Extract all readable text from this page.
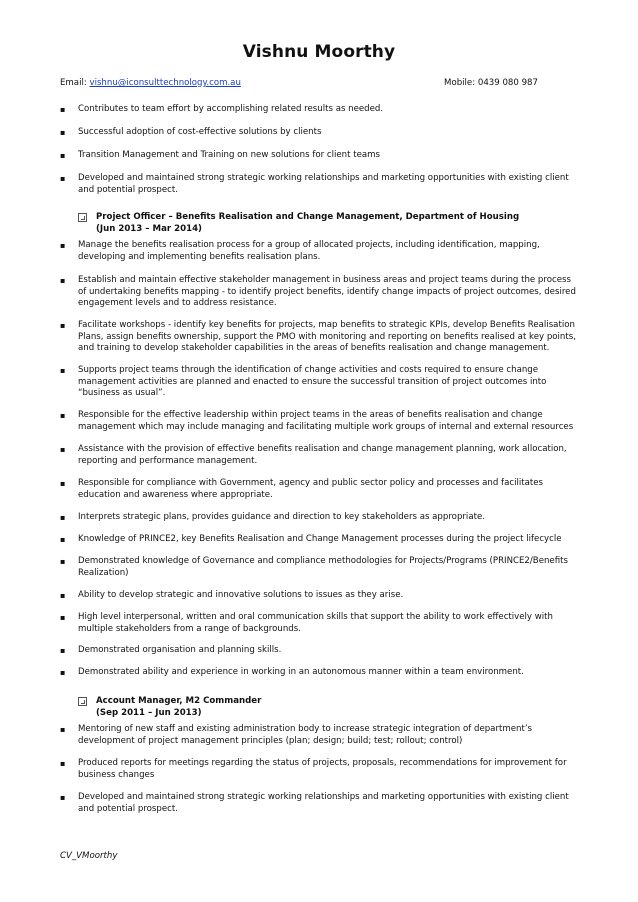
Vishnu Moorthy
Email: vishnu@iconsulttechnology.com.au	Mobile: 0439 080 987
▪ Contributes to team effort by accomplishing related results as needed.
▪ Successful adoption of cost-effective solutions by clients
▪ Transition Management and Training on new solutions for client teams
▪ Developed and maintained strong strategic working relationships and marketing opportunities with existing client and potential prospect.
Project Officer – Benefits Realisation and Change Management, Department of Housing
(Jun 2013 – Mar 2014)
▪ Manage the benefits realisation process for a group of allocated projects, including identification, mapping, developing and implementing benefits realisation plans.
▪ Establish and maintain effective stakeholder management in business areas and project teams during the process of undertaking benefits mapping - to identify project benefits, identify change impacts of project outcomes, desired engagement levels and to address resistance.
▪ Facilitate workshops - identify key benefits for projects, map benefits to strategic KPIs, develop Benefits Realisation Plans, assign benefits ownership, support the PMO with monitoring and reporting on benefits realised at key points, and training to develop stakeholder capabilities in the areas of benefits realisation and change management.
▪ Supports project teams through the identification of change activities and costs required to ensure change management activities are planned and enacted to ensure the successful transition of project outcomes into “business as usual”.
▪ Responsible for the effective leadership within project teams in the areas of benefits realisation and change management which may include managing and facilitating multiple work groups of internal and external resources
▪ Assistance with the provision of effective benefits realisation and change management planning, work allocation, reporting and performance management.
▪ Responsible for compliance with Government, agency and public sector policy and processes and facilitates education and awareness where appropriate.
▪ Interprets strategic plans, provides guidance and direction to key stakeholders as appropriate.
▪ Knowledge of PRINCE2, key Benefits Realisation and Change Management processes during the project lifecycle
▪ Demonstrated knowledge of Governance and compliance methodologies for Projects/Programs (PRINCE2/Benefits Realization)
▪ Ability to develop strategic and innovative solutions to issues as they arise.
▪ High level interpersonal, written and oral communication skills that support the ability to work effectively with multiple stakeholders from a range of backgrounds.
▪ Demonstrated organisation and planning skills.
▪ Demonstrated ability and experience in working in an autonomous manner within a team environment.
Account Manager, M2 Commander
(Sep 2011 – Jun 2013)
▪ Mentoring of new staff and existing administration body to increase strategic integration of department’s development of project management principles (plan; design; build; test; rollout; control)
▪ Produced reports for meetings regarding the status of projects, proposals, recommendations for improvement for business changes
▪ Developed and maintained strong strategic working relationships and marketing opportunities with existing client and potential prospect.
CV_VMoorthy
